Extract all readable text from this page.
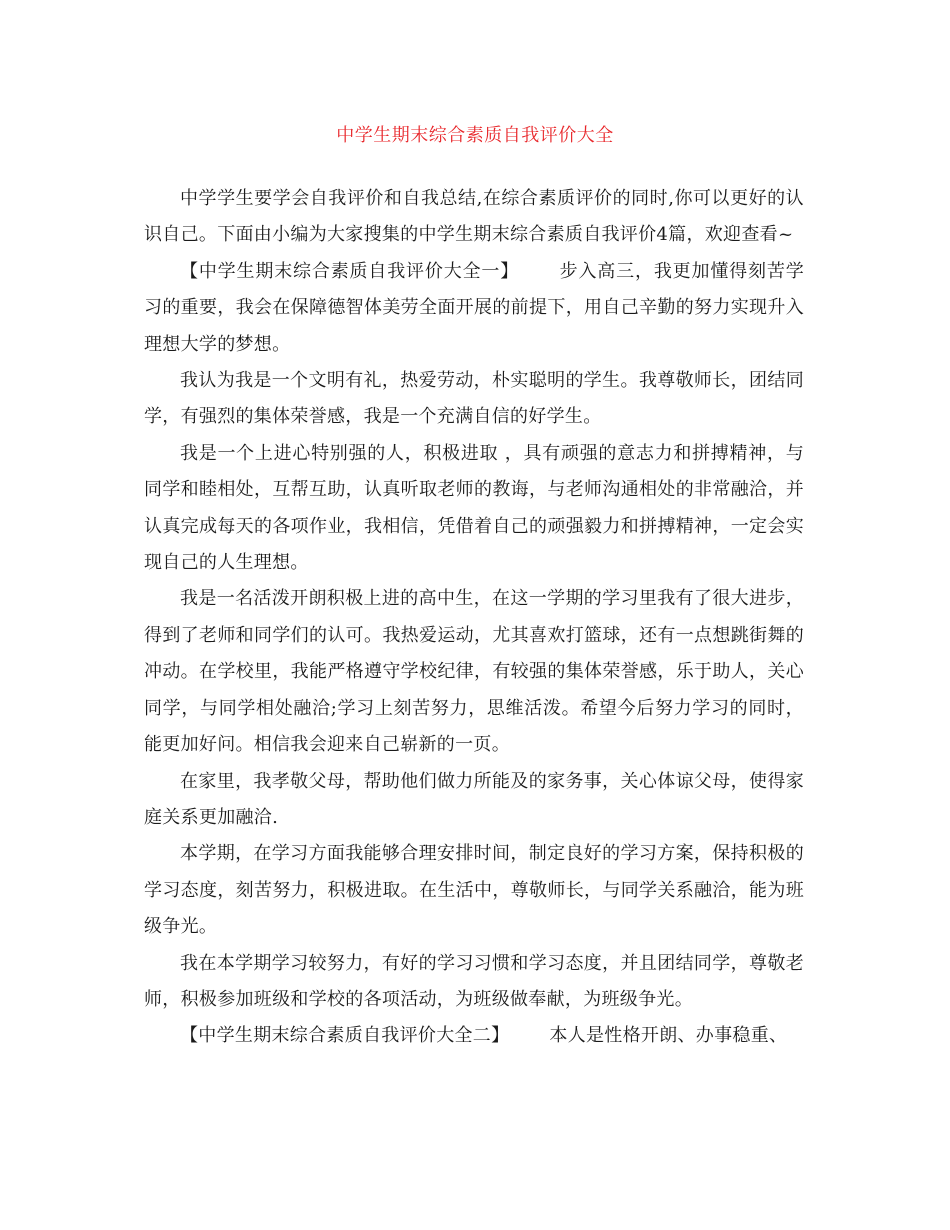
中学生期末综合素质自我评价大全

中学学生要学会自我评价和自我总结,在综合素质评价的同时,你可以更好的认识自己。下面由小编为大家搜集的中学生期末综合素质自我评价4篇，欢迎查看~

【中学生期末综合素质自我评价大全一】 步入高三，我更加懂得刻苦学习的重要，我会在保障德智体美劳全面开展的前提下，用自己辛勤的努力实现升入理想大学的梦想。

我认为我是一个文明有礼，热爱劳动，朴实聪明的学生。我尊敬师长，团结同学，有强烈的集体荣誉感，我是一个充满自信的好学生。

我是一个上进心特别强的人，积极进取 ，具有顽强的意志力和拼搏精神，与同学和睦相处，互帮互助，认真听取老师的教诲，与老师沟通相处的非常融洽，并认真完成每天的各项作业，我相信，凭借着自己的顽强毅力和拼搏精神，一定会实现自己的人生理想。

我是一名活泼开朗积极上进的高中生，在这一学期的学习里我有了很大进步，得到了老师和同学们的认可。我热爱运动，尤其喜欢打篮球，还有一点想跳街舞的冲动。在学校里，我能严格遵守学校纪律，有较强的集体荣誉感，乐于助人，关心同学，与同学相处融洽;学习上刻苦努力，思维活泼。希望今后努力学习的同时，能更加好问。相信我会迎来自己崭新的一页。

在家里，我孝敬父母，帮助他们做力所能及的家务事，关心体谅父母，使得家庭关系更加融洽.

本学期，在学习方面我能够合理安排时间，制定良好的学习方案，保持积极的学习态度，刻苦努力，积极进取。在生活中，尊敬师长，与同学关系融洽，能为班级争光。

我在本学期学习较努力，有好的学习习惯和学习态度，并且团结同学，尊敬老师，积极参加班级和学校的各项活动，为班级做奉献，为班级争光。

【中学生期末综合素质自我评价大全二】 本人是性格开朗、办事稳重、
